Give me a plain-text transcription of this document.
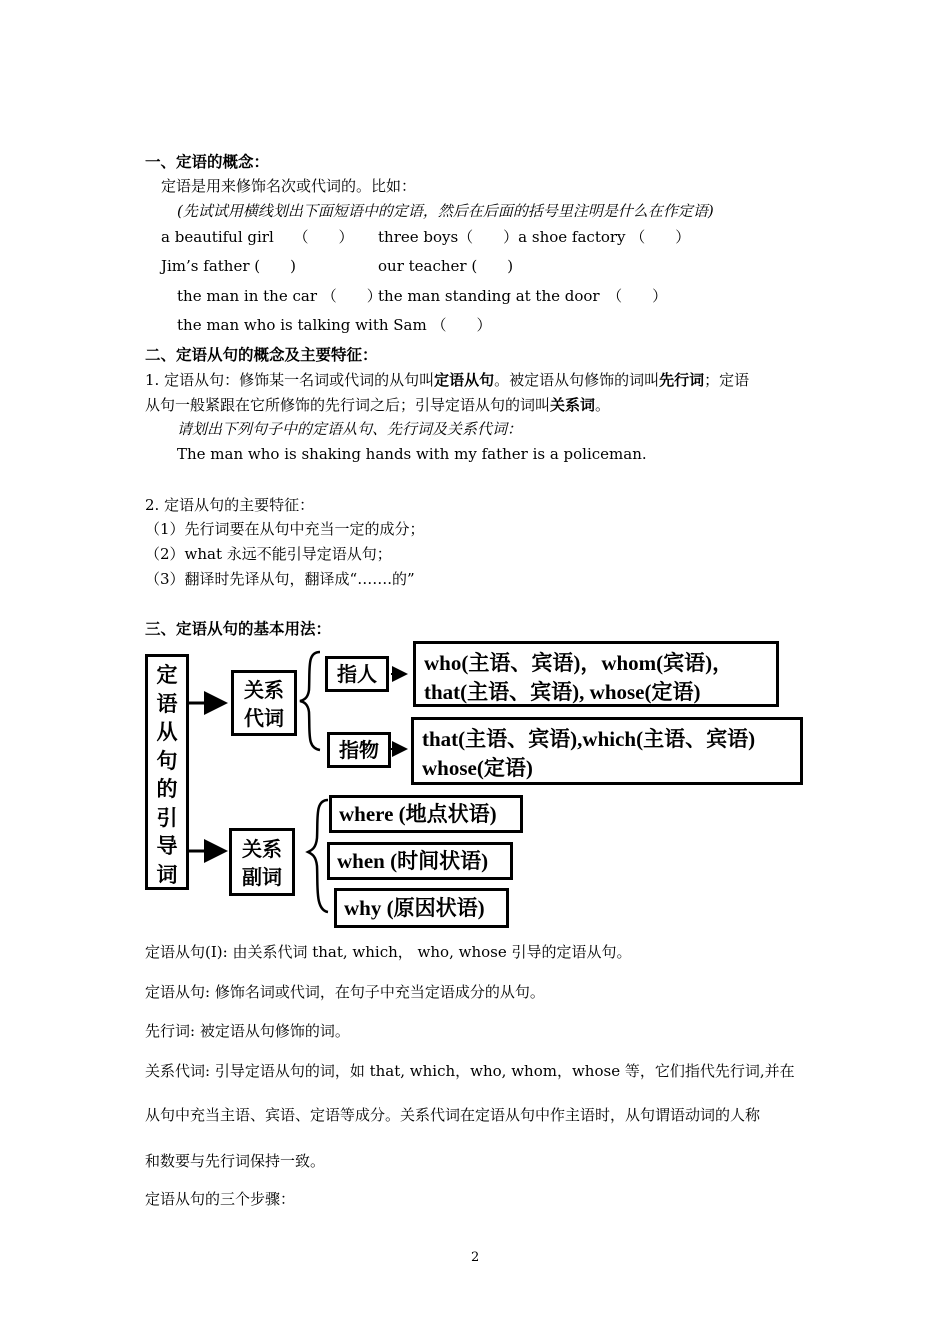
一、定语的概念：
定语是用来修饰名次或代词的。比如：
(先试试用横线划出下面短语中的定语，然后在后面的括号里注明是什么在作定语)
a beautiful girl　 （　　） three boys（　　）a shoe factory （　　）
Jim’s father (　　)	our teacher (　　)
the man in the car （　　）
the man standing at the door　（　　）
the man who is talking with Sam （　　）
二、定语从句的概念及主要特征：
1. 定语从句：修饰某一名词或代词的从句叫定语从句。被定语从句修饰的词叫先行词；定语
从句一般紧跟在它所修饰的先行词之后；引导定语从句的词叫关系词。
请划出下列句子中的定语从句、先行词及关系代词：
The man who is shaking hands with my father is a policeman.
2. 定语从句的主要特征：
（1）先行词要在从句中充当一定的成分；
（2）what 永远不能引导定语从句；
（3）翻译时先译从句，翻译成“…….的”
三、定语从句的基本用法：
定
语
从
句
的
引
导
词
关系
代词
关系
副词
指人
指物
who(主语、宾语)，whom(宾语)，
that(主语、宾语), whose(定语)
that(主语、宾语),which(主语、宾语)
whose(定语)
where (地点状语)
when (时间状语)
why (原因状语)
定语从句(I): 由关系代词 that, which， who, whose 引导的定语从句。
定语从句: 修饰名词或代词，在句子中充当定语成分的从句。
先行词: 被定语从句修饰的词。
关系代词: 引导定语从句的词，如 that, which，who, whom，whose 等，它们指代先行词,并在
从句中充当主语、宾语、定语等成分。关系代词在定语从句中作主语时，从句谓语动词的人称
和数要与先行词保持一致。
定语从句的三个步骤：
2
